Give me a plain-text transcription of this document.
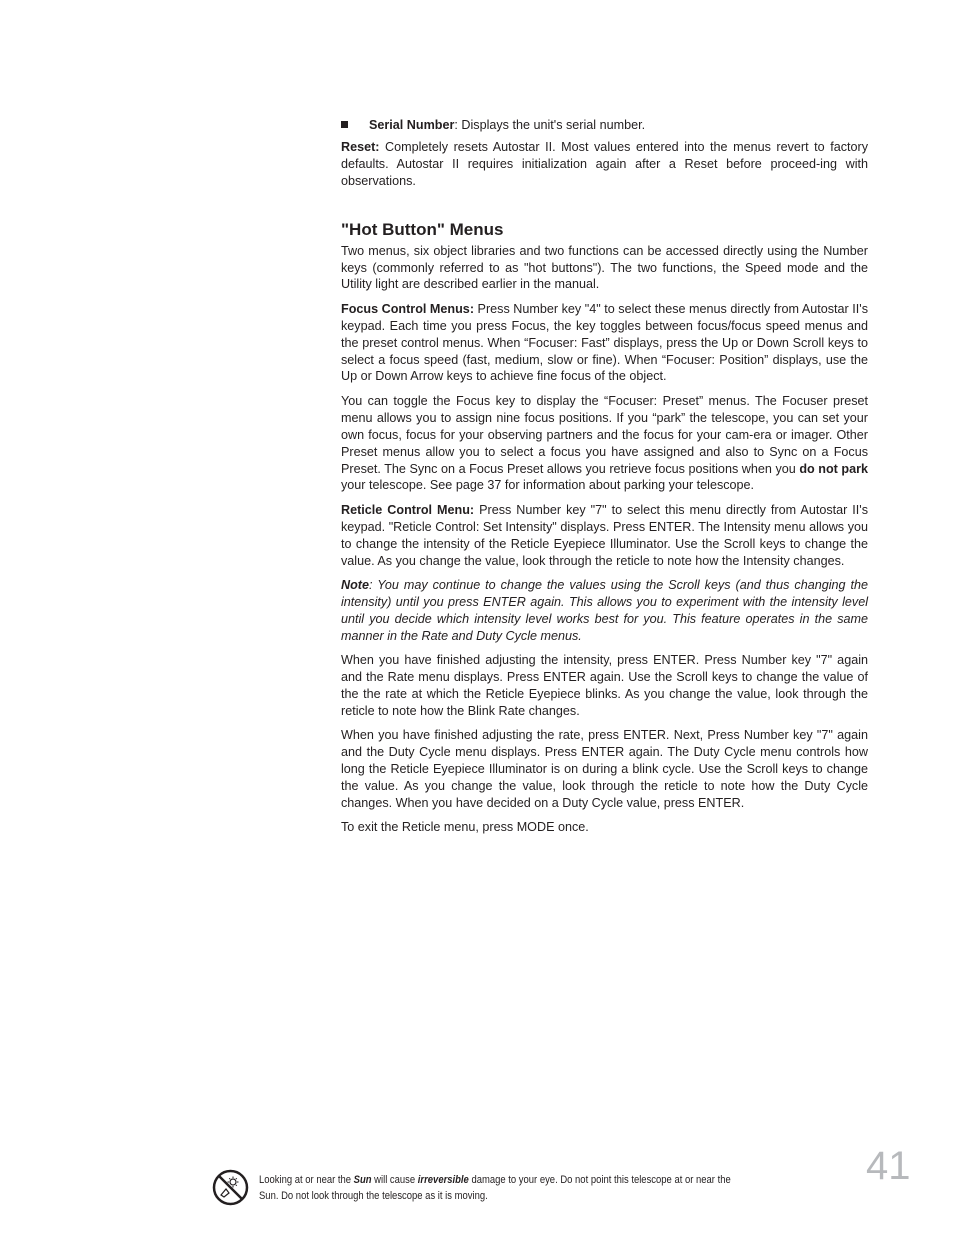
Serial Number: Displays the unit's serial number.

Reset: Completely resets Autostar II. Most values entered into the menus revert to factory defaults. Autostar II requires initialization again after a Reset before proceed-ing with observations.

"Hot Button" Menus

Two menus, six object libraries and two functions can be accessed directly using the Number keys (commonly referred to as "hot buttons"). The two functions, the Speed mode and the Utility light are described earlier in the manual.

Focus Control Menus: Press Number key "4" to select these menus directly from Autostar II's keypad. Each time you press Focus, the key toggles between focus/focus speed menus and the preset control menus. When “Focuser: Fast” displays, press the Up or Down Scroll keys to select a focus speed (fast, medium, slow or fine). When “Focuser: Position” displays, use the Up or Down Arrow keys to achieve fine focus of the object.

You can toggle the Focus key to display the “Focuser: Preset” menus. The Focuser preset menu allows you to assign nine focus positions. If you “park” the telescope, you can set your own focus, focus for your observing partners and the focus for your cam-era or imager. Other Preset menus allow you to select a focus you have assigned and also to Sync on a Focus Preset. The Sync on a Focus Preset allows you retrieve focus positions when you do not park your telescope. See page 37 for information about parking your telescope.

Reticle Control Menu: Press Number key "7" to select this menu directly from Autostar II's keypad. "Reticle Control: Set Intensity" displays. Press ENTER. The Intensity menu allows you to change the intensity of the Reticle Eyepiece Illuminator. Use the Scroll keys to change the value. As you change the value, look through the reticle to note how the Intensity changes.

Note: You may continue to change the values using the Scroll keys (and thus changing the intensity) until you press ENTER again. This allows you to experiment with the intensity level until you decide which intensity level works best for you. This feature operates in the same manner in the Rate and Duty Cycle menus.

When you have finished adjusting the intensity, press ENTER. Press Number key "7" again and the Rate menu displays. Press ENTER again. Use the Scroll keys to change the value of the the rate at which the Reticle Eyepiece blinks. As you change the value, look through the reticle to note how the Blink Rate changes.

When you have finished adjusting the rate, press ENTER. Next, Press Number key "7" again and the Duty Cycle menu displays. Press ENTER again. The Duty Cycle menu controls how long the Reticle Eyepiece Illuminator is on during a blink cycle. Use the Scroll keys to change the value. As you change the value, look through the reticle to note how the Duty Cycle changes. When you have decided on a Duty Cycle value, press ENTER.

To exit the Reticle menu, press MODE once.

41
Looking at or near the Sun will cause irreversible damage to your eye. Do not point this telescope at or near the
Sun. Do not look through the telescope as it is moving.
